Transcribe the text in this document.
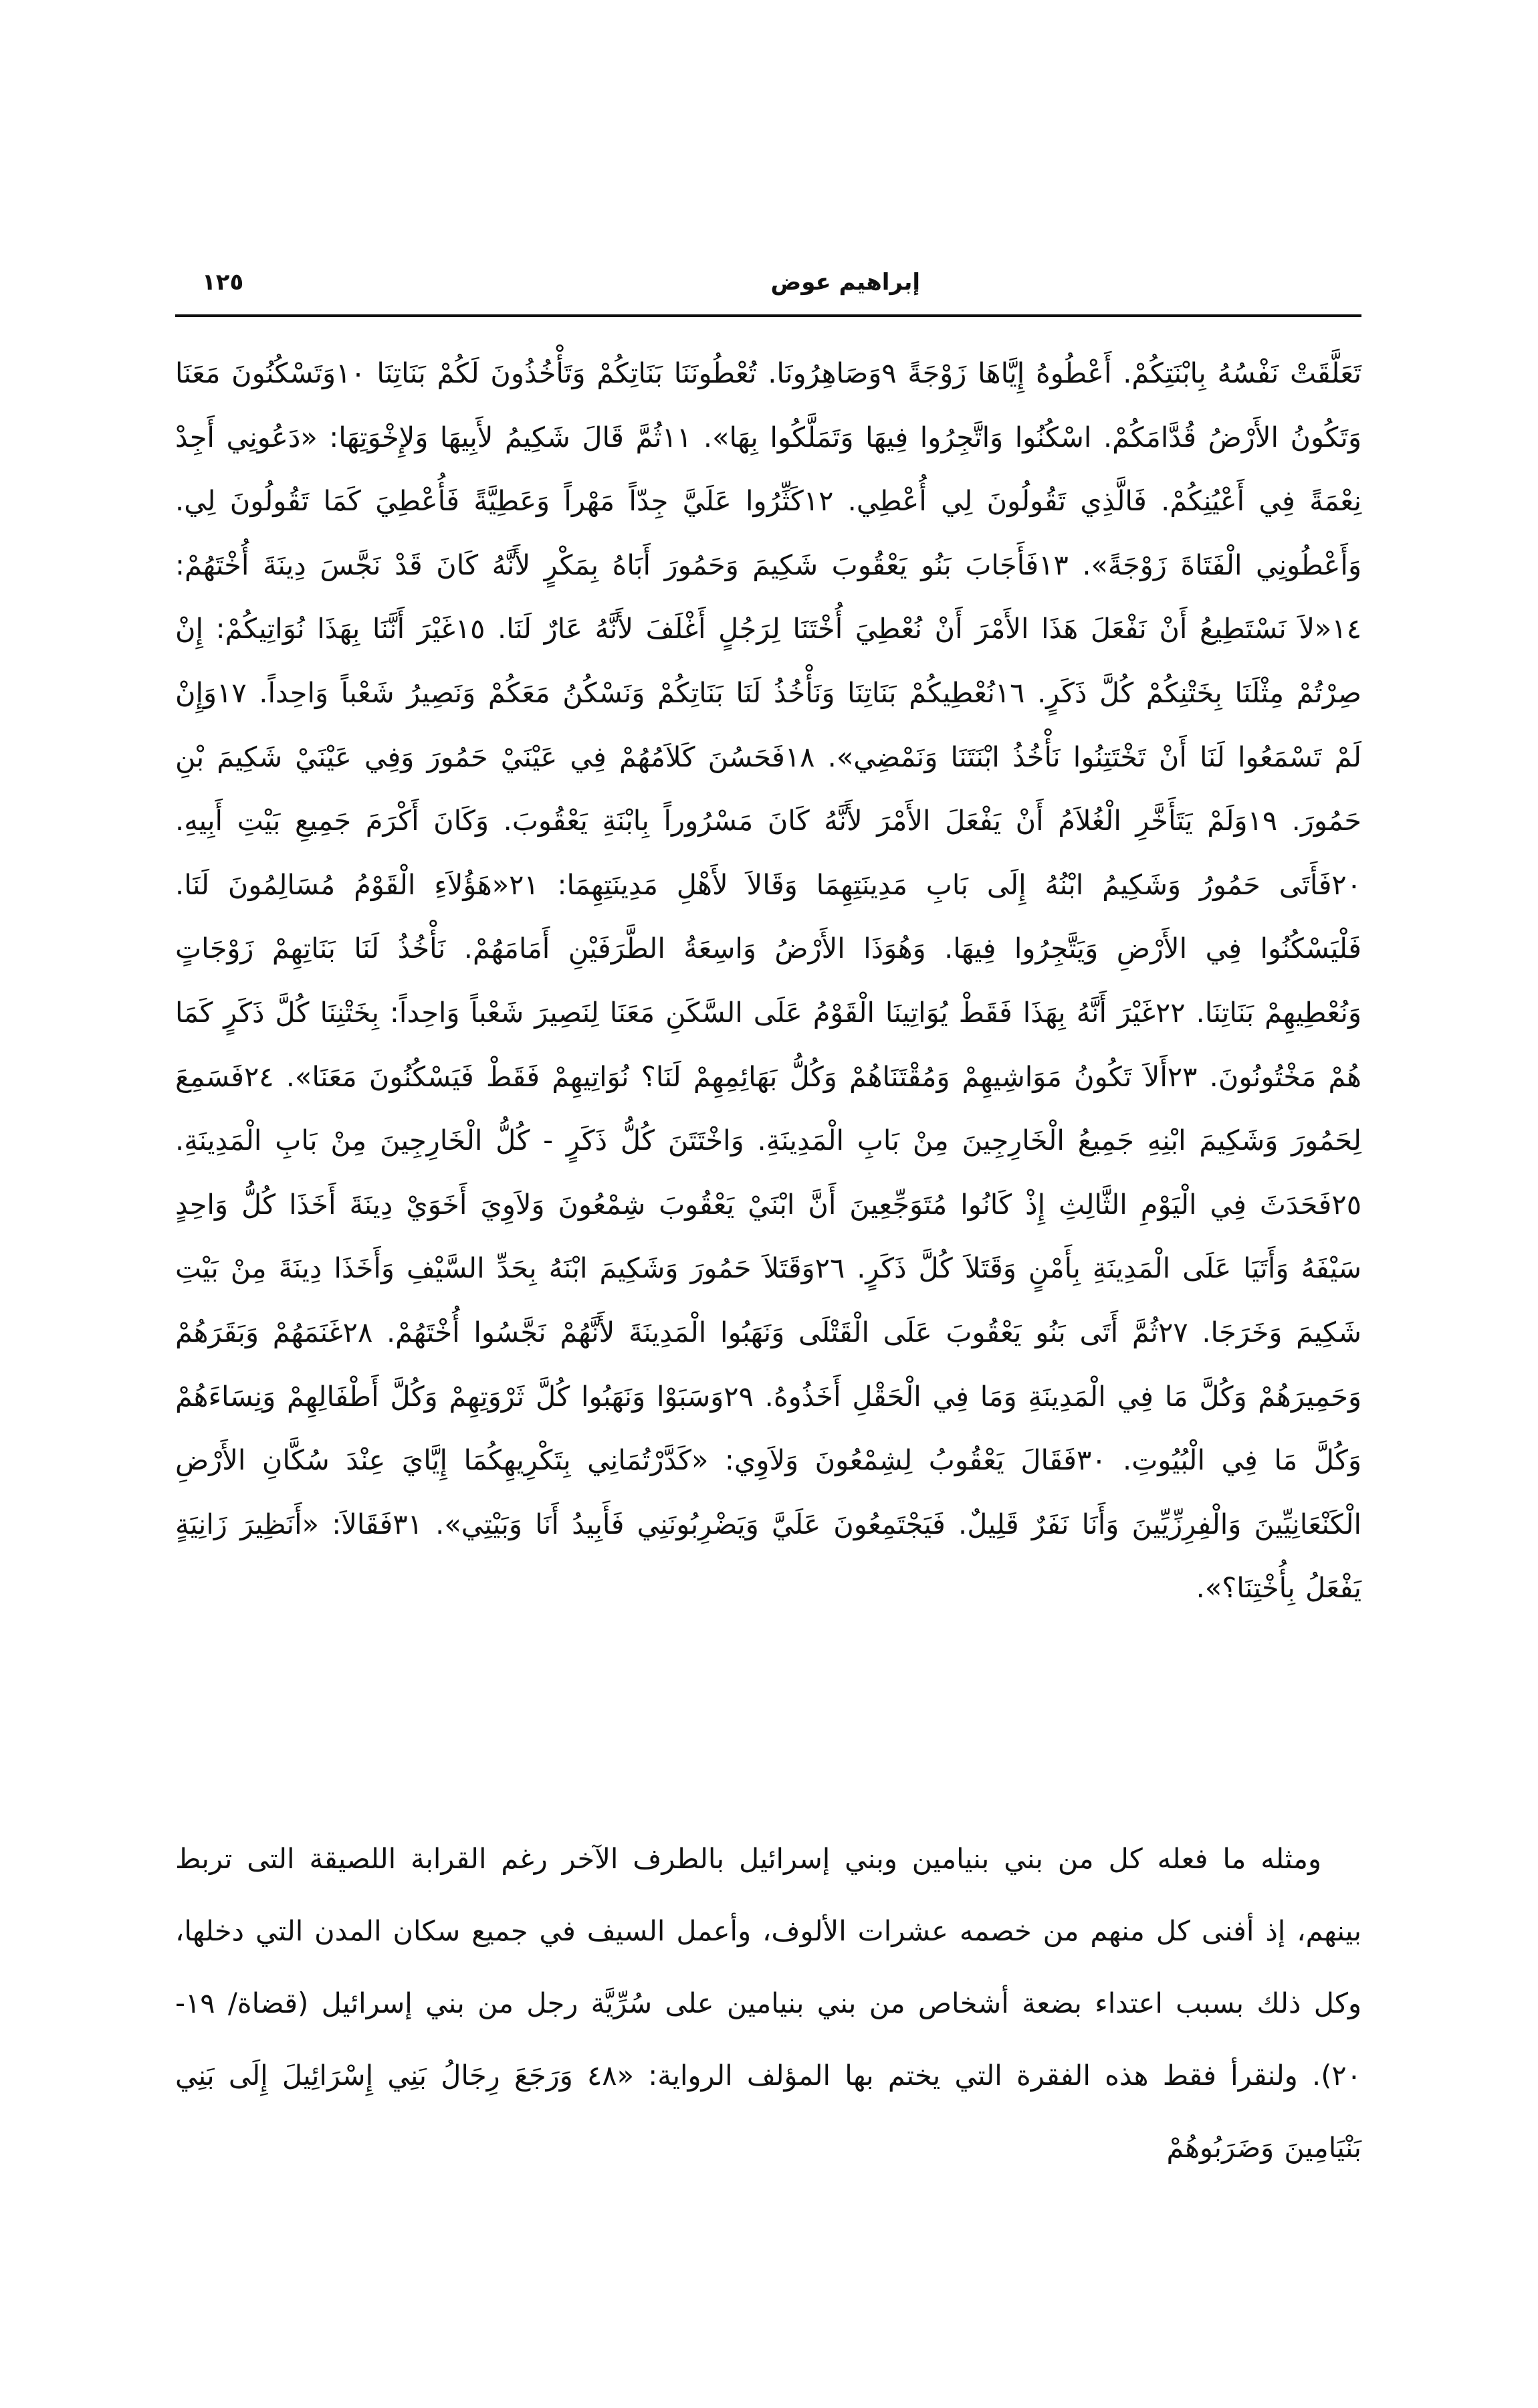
١٢٥	إبراهيم عوض

تَعَلَّقَتْ نَفْسُهُ بِابْنَتِكُمْ. أَعْطُوهُ إِيَّاهَا زَوْجَةً ٩وَصَاهِرُونَا. تُعْطُونَنَا بَنَاتِكُمْ وَتَأْخُذُونَ لَكُمْ بَنَاتِنَا ١٠وَتَسْكُنُونَ مَعَنَا وَتَكُونُ الأَرْضُ قُدَّامَكُمْ. اسْكُنُوا وَاتَّجِرُوا فِيهَا وَتَمَلَّكُوا بِهَا». ١١ثُمَّ قَالَ شَكِيمُ لأَبِيهَا وَلإِخْوَتِهَا: «دَعُونِي أَجِدْ نِعْمَةً فِي أَعْيُنِكُمْ. فَالَّذِي تَقُولُونَ لِي أُعْطِي. ١٢كَثِّرُوا عَلَيَّ جِدّاً مَهْراً وَعَطِيَّةً فَأُعْطِيَ كَمَا تَقُولُونَ لِي. وَأَعْطُونِي الْفَتَاةَ زَوْجَةً». ١٣فَأَجَابَ بَنُو يَعْقُوبَ شَكِيمَ وَحَمُورَ أَبَاهُ بِمَكْرٍ لأَنَّهُ كَانَ قَدْ نَجَّسَ دِينَةَ أُخْتَهُمْ: ١٤«لاَ نَسْتَطِيعُ أَنْ نَفْعَلَ هَذَا الأَمْرَ أَنْ نُعْطِيَ أُخْتَنَا لِرَجُلٍ أَغْلَفَ لأَنَّهُ عَارٌ لَنَا. ١٥غَيْرَ أَنَّنَا بِهَذَا نُوَاتِيكُمْ: إِنْ صِرْتُمْ مِثْلَنَا بِخَتْنِكُمْ كُلَّ ذَكَرٍ. ١٦نُعْطِيكُمْ بَنَاتِنَا وَنَأْخُذُ لَنَا بَنَاتِكُمْ وَنَسْكُنُ مَعَكُمْ وَنَصِيرُ شَعْباً وَاحِداً. ١٧وَإِنْ لَمْ تَسْمَعُوا لَنَا أَنْ تَخْتَتِنُوا نَأْخُذُ ابْنَتَنَا وَنَمْضِي». ١٨فَحَسُنَ كَلاَمُهُمْ فِي عَيْنَيْ حَمُورَ وَفِي عَيْنَيْ شَكِيمَ بْنِ حَمُورَ. ١٩وَلَمْ يَتَأَخَّرِ الْغُلاَمُ أَنْ يَفْعَلَ الأَمْرَ لأَنَّهُ كَانَ مَسْرُوراً بِابْنَةِ يَعْقُوبَ. وَكَانَ أَكْرَمَ جَمِيعِ بَيْتِ أَبِيهِ. ٢٠فَأَتَى حَمُورُ وَشَكِيمُ ابْنُهُ إِلَى بَابِ مَدِينَتِهِمَا وَقَالاَ لأَهْلِ مَدِينَتِهِمَا: ٢١«هَؤُلاَءِ الْقَوْمُ مُسَالِمُونَ لَنَا. فَلْيَسْكُنُوا فِي الأَرْضِ وَيَتَّجِرُوا فِيهَا. وَهُوَذَا الأَرْضُ وَاسِعَةُ الطَّرَفَيْنِ أَمَامَهُمْ. نَأْخُذُ لَنَا بَنَاتِهِمْ زَوْجَاتٍ وَنُعْطِيهِمْ بَنَاتِنَا. ٢٢غَيْرَ أَنَّهُ بِهَذَا فَقَطْ يُوَاتِينَا الْقَوْمُ عَلَى السَّكَنِ مَعَنَا لِنَصِيرَ شَعْباً وَاحِداً: بِخَتْنِنَا كُلَّ ذَكَرٍ كَمَا هُمْ مَخْتُونُونَ. ٢٣أَلاَ تَكُونُ مَوَاشِيهِمْ وَمُقْتَنَاهُمْ وَكُلُّ بَهَائِمِهِمْ لَنَا؟ نُوَاتِيهِمْ فَقَطْ فَيَسْكُنُونَ مَعَنَا». ٢٤فَسَمِعَ لِحَمُورَ وَشَكِيمَ ابْنِهِ جَمِيعُ الْخَارِجِينَ مِنْ بَابِ الْمَدِينَةِ. وَاخْتَتَنَ كُلُّ ذَكَرٍ - كُلُّ الْخَارِجِينَ مِنْ بَابِ الْمَدِينَةِ. ٢٥فَحَدَثَ فِي الْيَوْمِ الثَّالِثِ إِذْ كَانُوا مُتَوَجِّعِينَ أَنَّ ابْنَيْ يَعْقُوبَ شِمْعُونَ وَلاَوِيَ أَخَوَيْ دِينَةَ أَخَذَا كُلُّ وَاحِدٍ سَيْفَهُ وَأَتَيَا عَلَى الْمَدِينَةِ بِأَمْنٍ وَقَتَلاَ كُلَّ ذَكَرٍ. ٢٦وَقَتَلاَ حَمُورَ وَشَكِيمَ ابْنَهُ بِحَدِّ السَّيْفِ وَأَخَذَا دِينَةَ مِنْ بَيْتِ شَكِيمَ وَخَرَجَا. ٢٧ثُمَّ أَتَى بَنُو يَعْقُوبَ عَلَى الْقَتْلَى وَنَهَبُوا الْمَدِينَةَ لأَنَّهُمْ نَجَّسُوا أُخْتَهُمْ. ٢٨غَنَمَهُمْ وَبَقَرَهُمْ وَحَمِيرَهُمْ وَكُلَّ مَا فِي الْمَدِينَةِ وَمَا فِي الْحَقْلِ أَخَذُوهُ. ٢٩وَسَبَوْا وَنَهَبُوا كُلَّ ثَرْوَتِهِمْ وَكُلَّ أَطْفَالِهِمْ وَنِسَاءَهُمْ وَكُلَّ مَا فِي الْبُيُوتِ. ٣٠فَقَالَ يَعْقُوبُ لِشِمْعُونَ وَلاَوِي: «كَدَّرْتُمَانِي بِتَكْرِيهِكُمَا إِيَّايَ عِنْدَ سُكَّانِ الأَرْضِ الْكَنْعَانِيِّينَ وَالْفِرِزِّيِّينَ وَأَنَا نَفَرٌ قَلِيلٌ. فَيَجْتَمِعُونَ عَلَيَّ وَيَضْرِبُونَنِي فَأَبِيدُ أَنَا وَبَيْتِي». ٣١فَقَالاَ: «أَنَظِيرَ زَانِيَةٍ يَفْعَلُ بِأُخْتِنَا؟».

ومثله ما فعله كل من بني بنيامين وبني إسرائيل بالطرف الآخر رغم القرابة اللصيقة التى تربط بينهم، إذ أفنى كل منهم من خصمه عشرات الألوف، وأعمل السيف في جميع سكان المدن التي دخلها، وكل ذلك بسبب اعتداء بضعة أشخاص من بني بنيامين على سُرِّيَّة رجل من بني إسرائيل (قضاة/ ١٩- ٢٠). ولنقرأ فقط هذه الفقرة التي يختم بها المؤلف الرواية: «٤٨ وَرَجَعَ رِجَالُ بَنِي إِسْرَائِيلَ إِلَى بَنِي بَنْيَامِينَ وَضَرَبُوهُمْ
